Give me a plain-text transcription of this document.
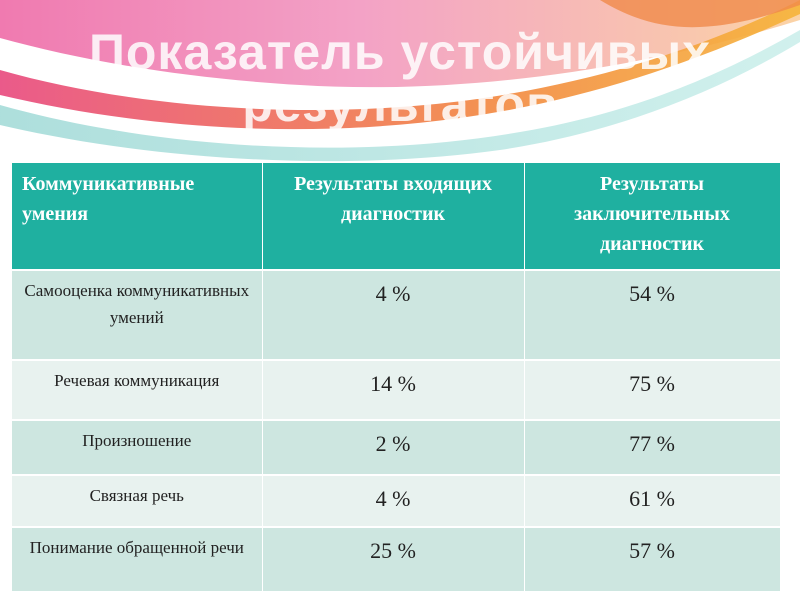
Показатель устойчивых
результатов
Коммуникативные умения	Результаты входящих диагностик	Результаты заключительных диагностик
Самооценка коммуникативных умений	4 %	54 %
Речевая коммуникация	14 %	75 %
Произношение	2 %	77 %
Связная речь	4 %	61 %
Понимание обращенной речи	25 %	57 %
